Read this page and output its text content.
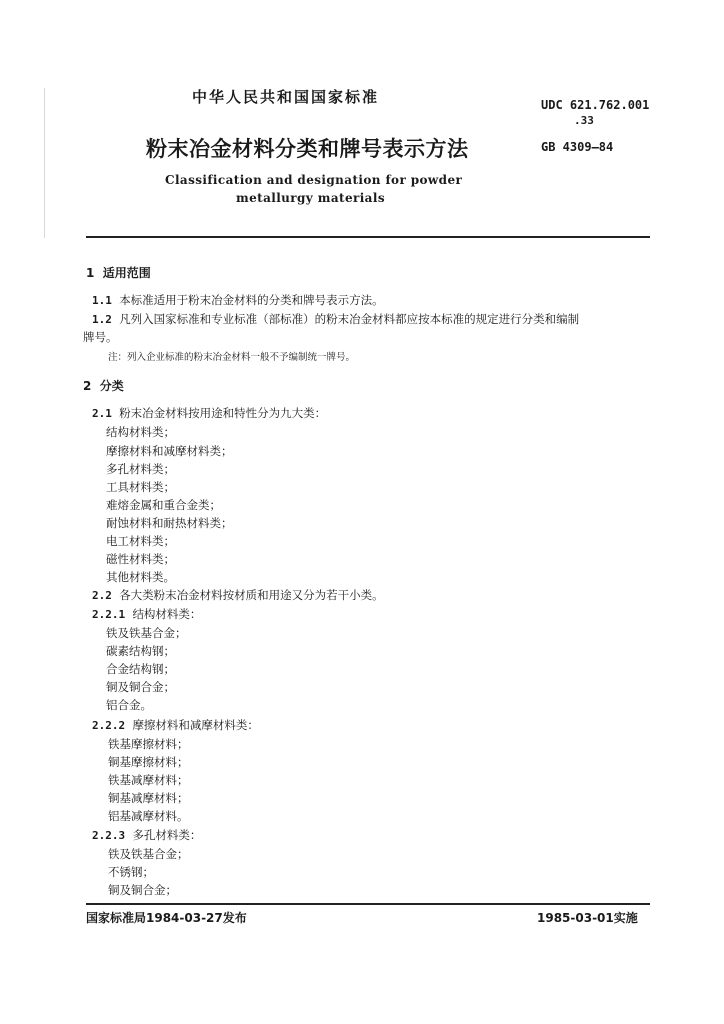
中华人民共和国国家标准	UDC 621.762.001
.33
粉末冶金材料分类和牌号表示方法	GB 4309—84
Classification and designation for powder
metallurgy materials
1 适用范围
1.1 本标准适用于粉末冶金材料的分类和牌号表示方法。
1.2 凡列入国家标准和专业标准（部标准）的粉末冶金材料都应按本标准的规定进行分类和编制
牌号。
注：列入企业标准的粉末冶金材料一般不予编制统一牌号。
2 分类
2.1 粉末冶金材料按用途和特性分为九大类：
结构材料类；
摩擦材料和减摩材料类；
多孔材料类；
工具材料类；
难熔金属和重合金类；
耐蚀材料和耐热材料类；
电工材料类；
磁性材料类；
其他材料类。
2.2 各大类粉末冶金材料按材质和用途又分为若干小类。
2.2.1 结构材料类：
铁及铁基合金；
碳素结构钢；
合金结构钢；
铜及铜合金；
铝合金。
2.2.2 摩擦材料和减摩材料类：
铁基摩擦材料；
铜基摩擦材料；
铁基减摩材料；
铜基减摩材料；
铝基减摩材料。
2.2.3 多孔材料类：
铁及铁基合金；
不锈钢；
铜及铜合金；
国家标准局1984-03-27发布	1985-03-01实施
